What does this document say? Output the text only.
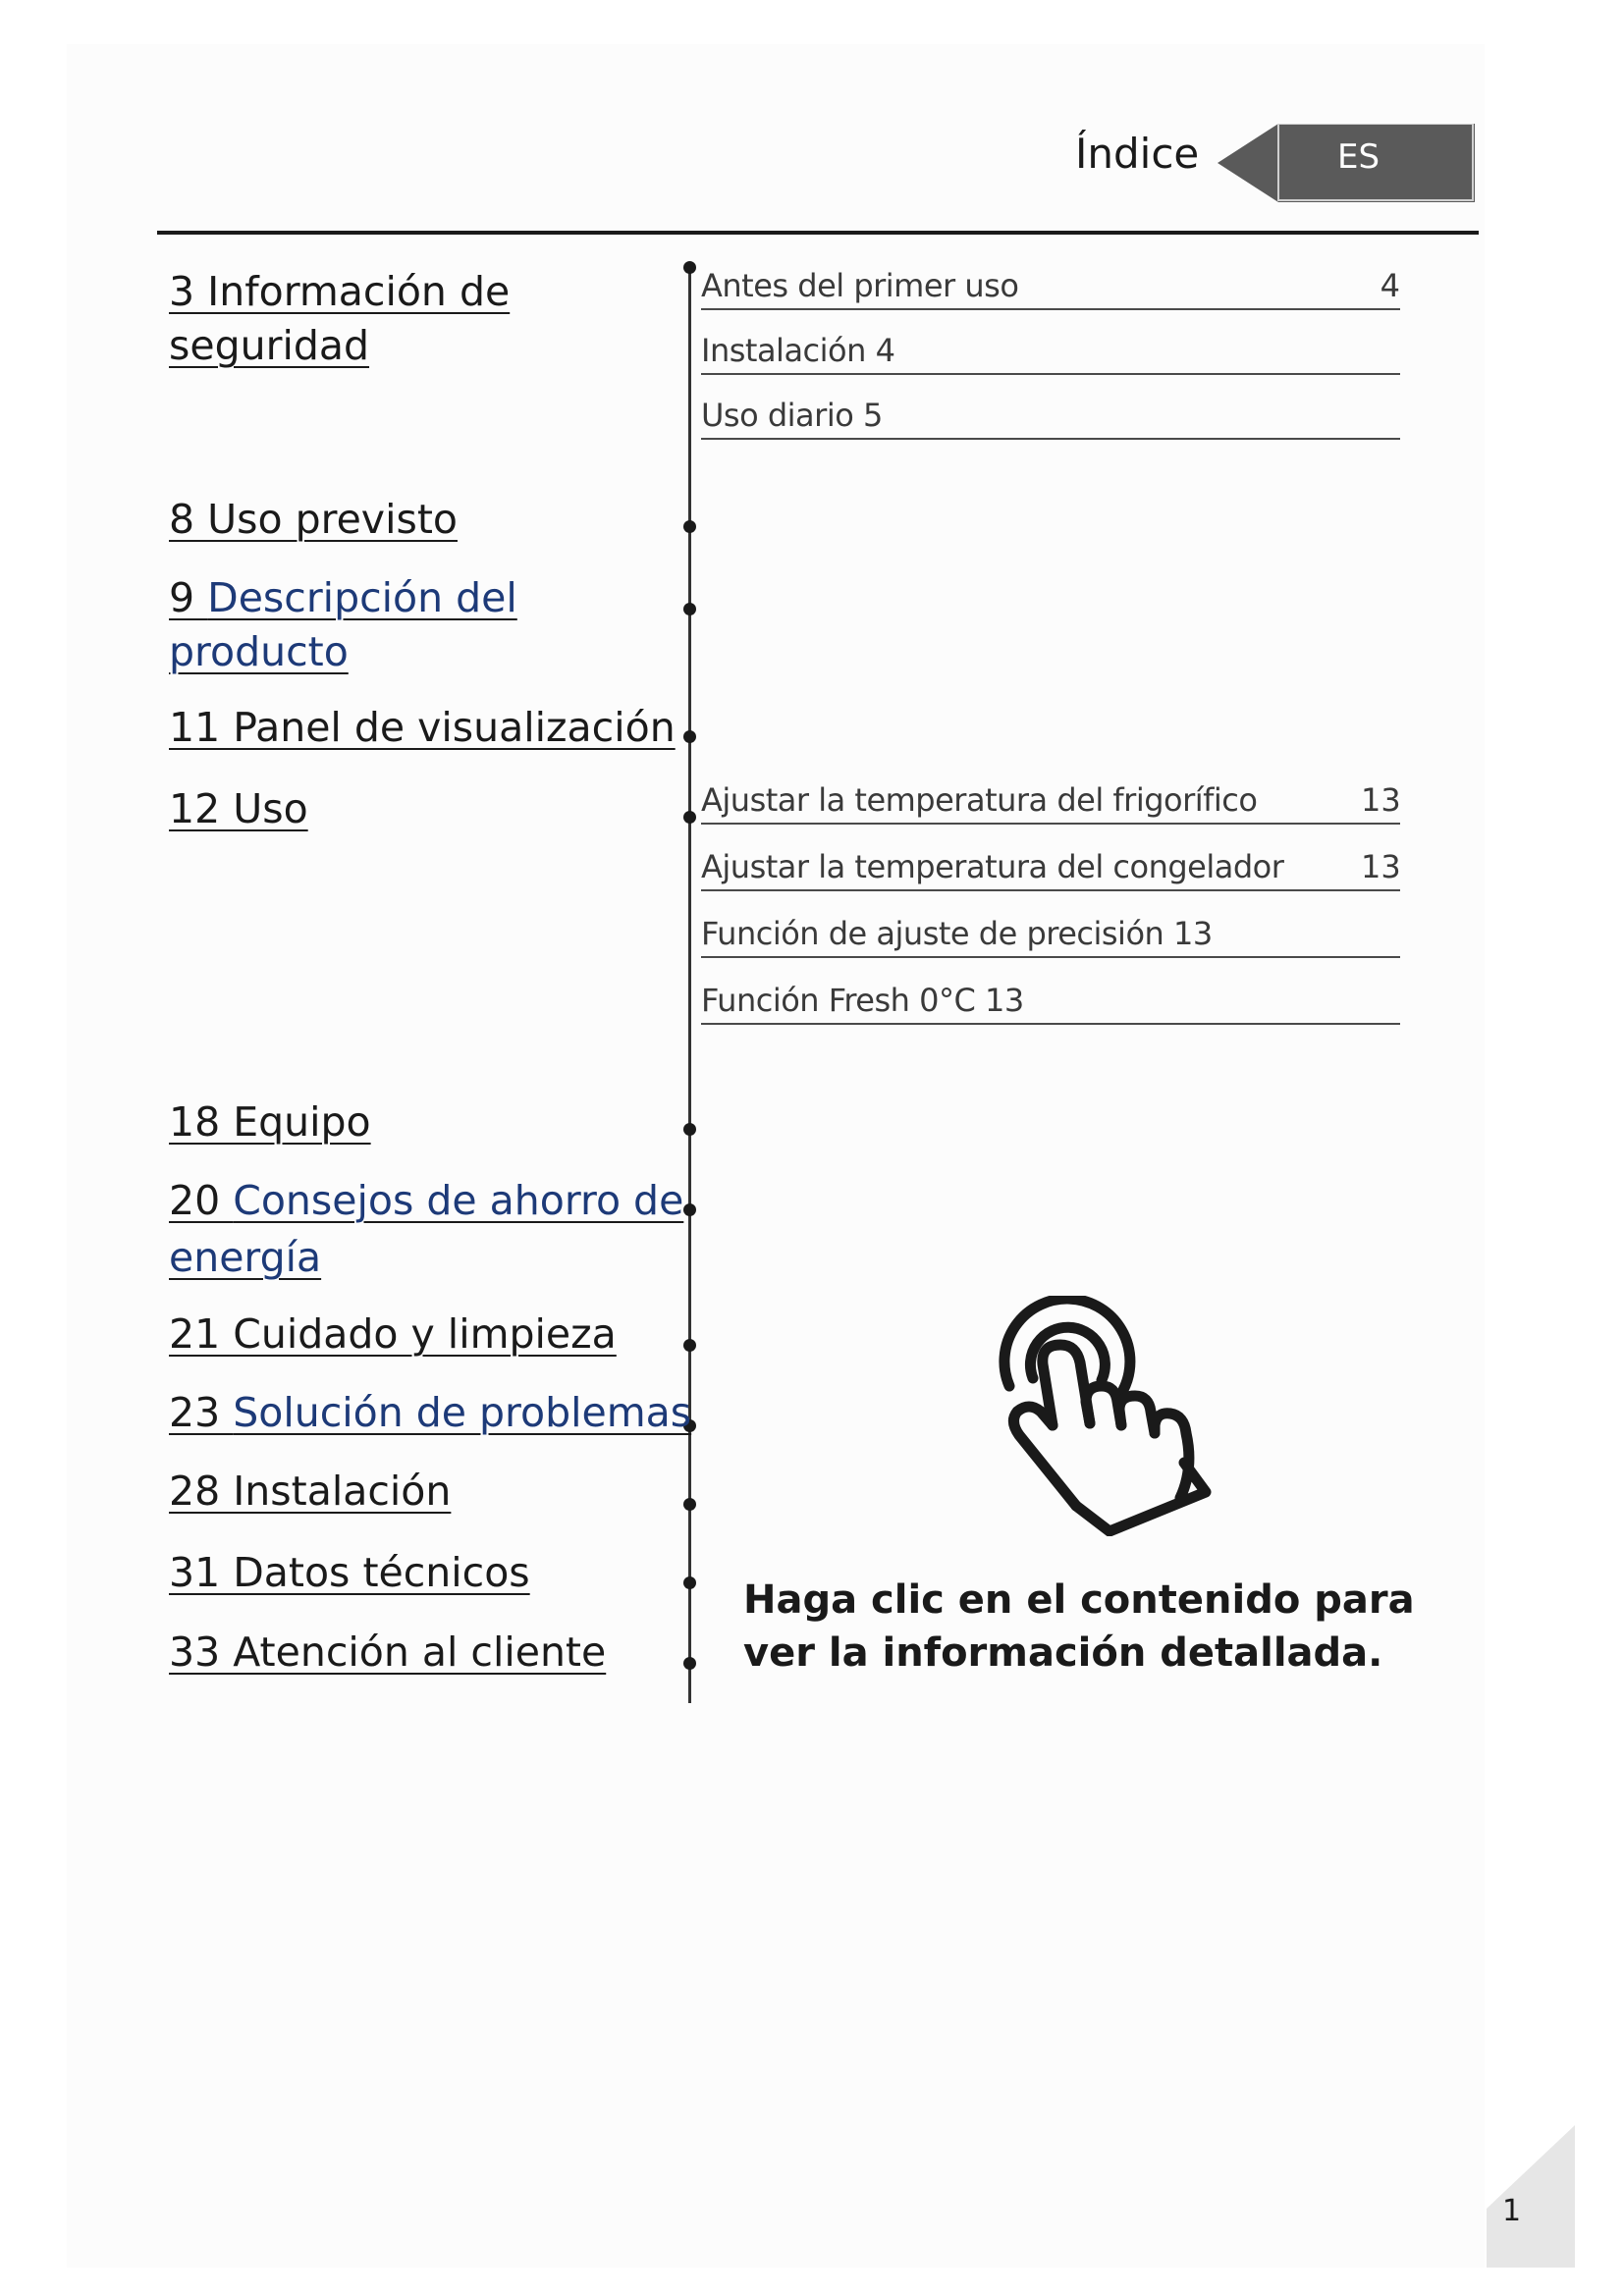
Índice	ES
3 Información de
seguridad
8 Uso previsto
9 Descripción del
producto
11 Panel de visualización
12 Uso
18 Equipo
20 Consejos de ahorro de
energía
21 Cuidado y limpieza
23 Solución de problemas
28 Instalación
31 Datos técnicos
33 Atención al cliente
Antes del primer uso	4
Instalación 4
Uso diario 5
Ajustar la temperatura del frigorífico	13
Ajustar la temperatura del congelador 13
Función de ajuste de precisión 13
Función Fresh 0°C 13
Haga clic en el contenido para ver la información detallada.
1
